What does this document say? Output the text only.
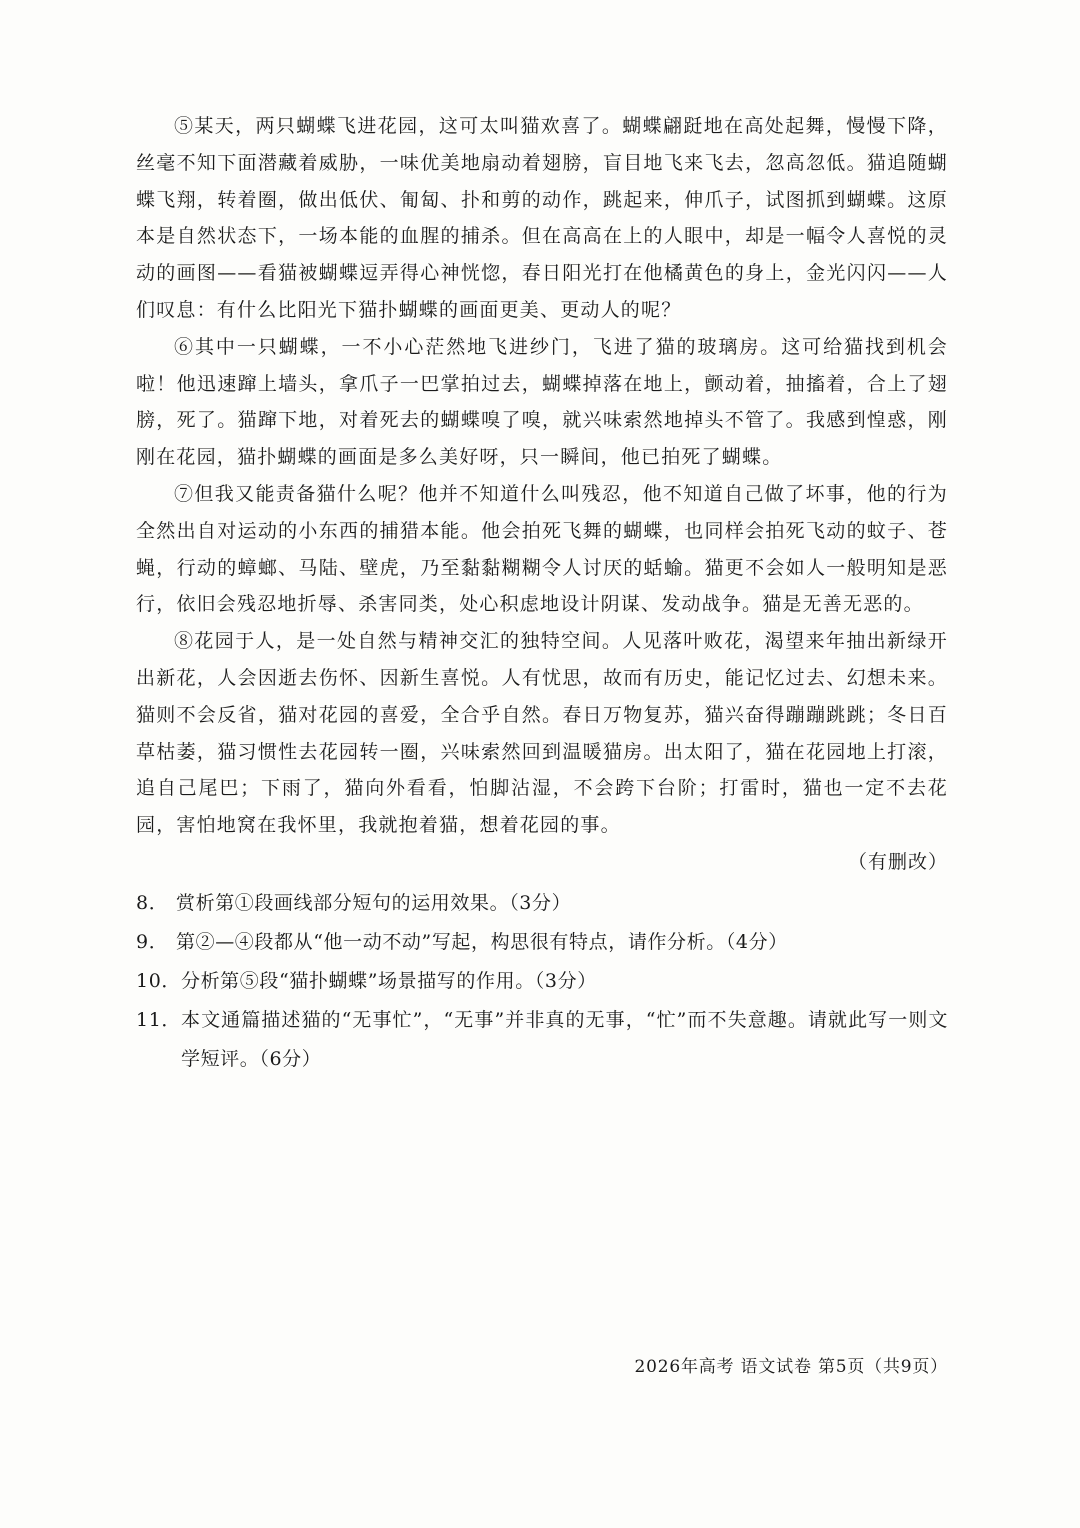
⑤某天，两只蝴蝶飞进花园，这可太叫猫欢喜了。蝴蝶翩跹地在高处起舞，慢慢下降，丝毫不知下面潜藏着威胁，一味优美地扇动着翅膀，盲目地飞来飞去，忽高忽低。猫追随蝴蝶飞翔，转着圈，做出低伏、匍匐、扑和剪的动作，跳起来，伸爪子，试图抓到蝴蝶。这原本是自然状态下，一场本能的血腥的捕杀。但在高高在上的人眼中，却是一幅令人喜悦的灵动的画图——看猫被蝴蝶逗弄得心神恍惚，春日阳光打在他橘黄色的身上，金光闪闪——人们叹息：有什么比阳光下猫扑蝴蝶的画面更美、更动人的呢？

⑥其中一只蝴蝶，一不小心茫然地飞进纱门，飞进了猫的玻璃房。这可给猫找到机会啦！他迅速蹿上墙头，拿爪子一巴掌拍过去，蝴蝶掉落在地上，颤动着，抽搐着，合上了翅膀，死了。猫蹿下地，对着死去的蝴蝶嗅了嗅，就兴味索然地掉头不管了。我感到惶惑，刚刚在花园，猫扑蝴蝶的画面是多么美好呀，只一瞬间，他已拍死了蝴蝶。

⑦但我又能责备猫什么呢？他并不知道什么叫残忍，他不知道自己做了坏事，他的行为全然出自对运动的小东西的捕猎本能。他会拍死飞舞的蝴蝶，也同样会拍死飞动的蚊子、苍蝇，行动的蟑螂、马陆、壁虎，乃至黏黏糊糊令人讨厌的蛞蝓。猫更不会如人一般明知是恶行，依旧会残忍地折辱、杀害同类，处心积虑地设计阴谋、发动战争。猫是无善无恶的。

⑧花园于人，是一处自然与精神交汇的独特空间。人见落叶败花，渴望来年抽出新绿开出新花，人会因逝去伤怀、因新生喜悦。人有忧思，故而有历史，能记忆过去、幻想未来。猫则不会反省，猫对花园的喜爱，全合乎自然。春日万物复苏，猫兴奋得蹦蹦跳跳；冬日百草枯萎，猫习惯性去花园转一圈，兴味索然回到温暖猫房。出太阳了，猫在花园地上打滚，追自己尾巴；下雨了，猫向外看看，怕脚沾湿，不会跨下台阶；打雷时，猫也一定不去花园，害怕地窝在我怀里，我就抱着猫，想着花园的事。

（有删改）

8． 赏析第①段画线部分短句的运用效果。（3分）
9． 第②—④段都从“他一动不动”写起，构思很有特点，请作分析。（4分）
10． 分析第⑤段“猫扑蝴蝶”场景描写的作用。（3分）
11． 本文通篇描述猫的“无事忙”，“无事”并非真的无事，“忙”而不失意趣。请就此写一则文学短评。（6分）
2026年高考 语文试卷 第5页（共9页）
